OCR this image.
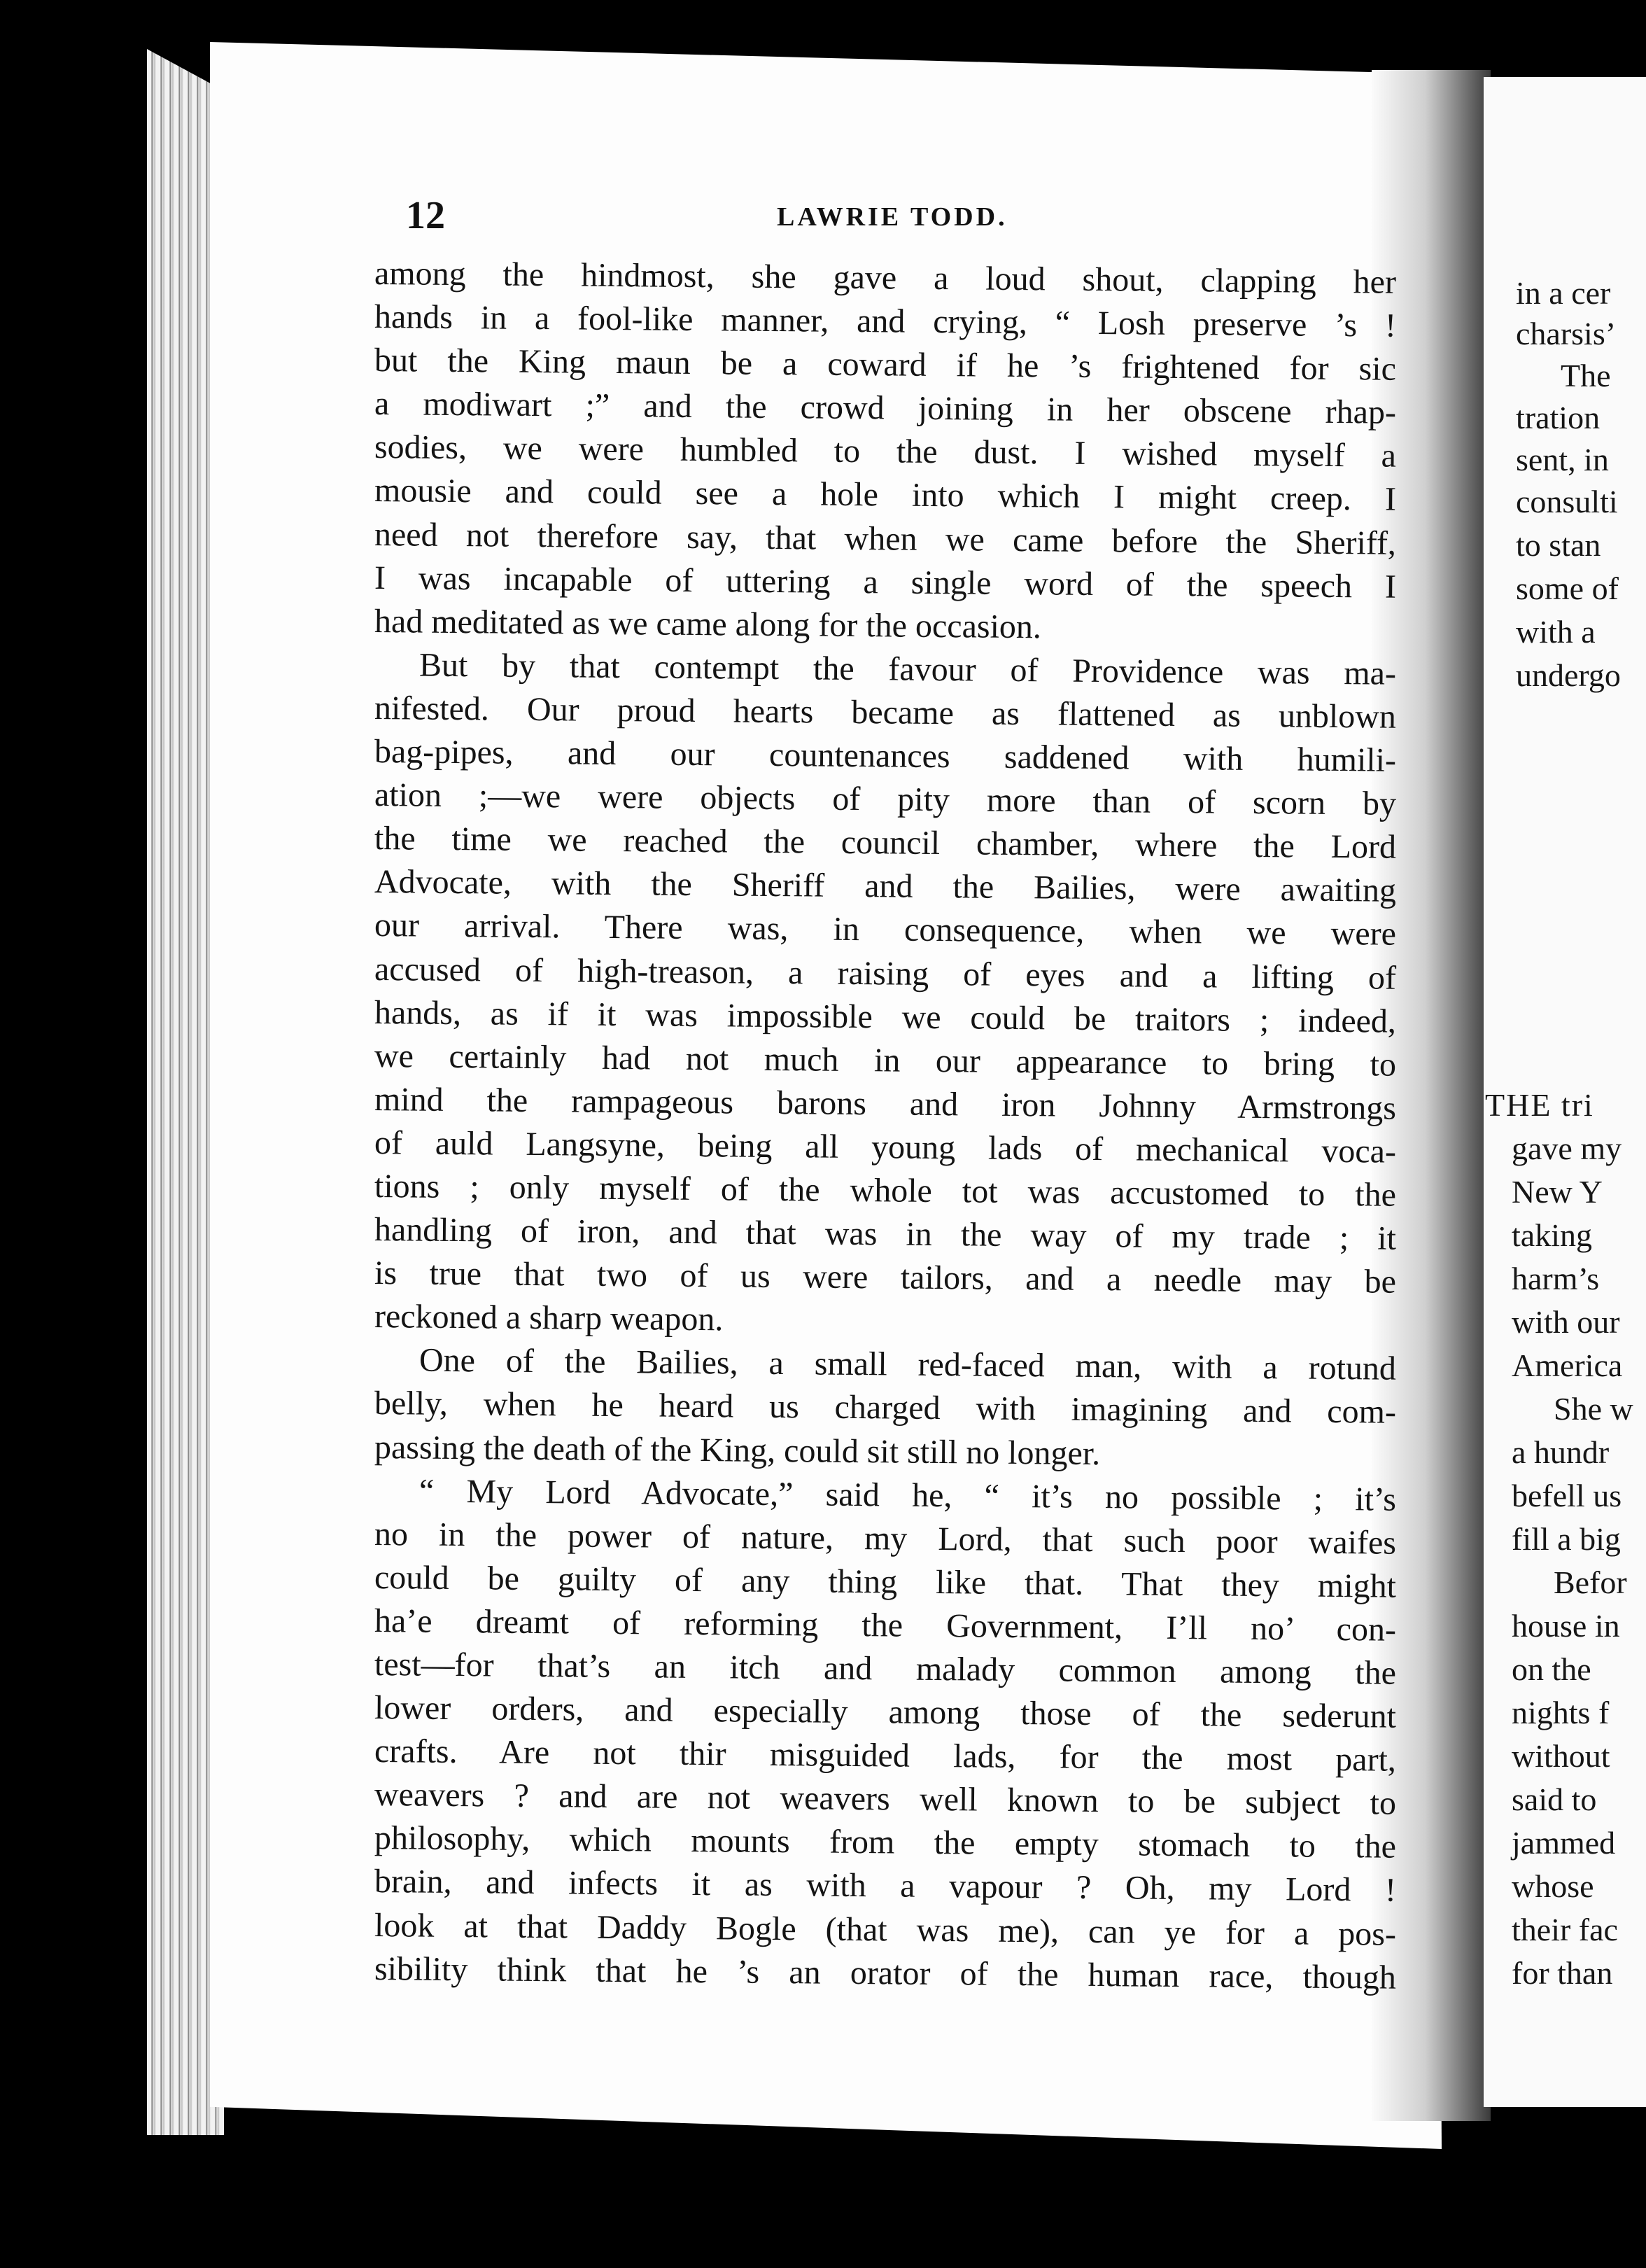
12	LAWRIE TODD.
among the hindmost, she gave a loud shout, clapping her
hands in a fool-like manner, and crying, “ Losh preserve ’s !
but the King maun be a coward if he ’s frightened for sic
a modiwart ;” and the crowd joining in her obscene rhap-
sodies, we were humbled to the dust. I wished myself a
mousie and could see a hole into which I might creep. I
need not therefore say, that when we came before the Sheriff,
I was incapable of uttering a single word of the speech I
had meditated as we came along for the occasion.
But by that contempt the favour of Providence was ma-
nifested. Our proud hearts became as flattened as unblown
bag-pipes, and our countenances saddened with humili-
ation ;—we were objects of pity more than of scorn by
the time we reached the council chamber, where the Lord
Advocate, with the Sheriff and the Bailies, were awaiting
our arrival. There was, in consequence, when we were
accused of high-treason, a raising of eyes and a lifting of
hands, as if it was impossible we could be traitors ; indeed,
we certainly had not much in our appearance to bring to
mind the rampageous barons and iron Johnny Armstrongs
of auld Langsyne, being all young lads of mechanical voca-
tions ; only myself of the whole tot was accustomed to the
handling of iron, and that was in the way of my trade ; it
is true that two of us were tailors, and a needle may be
reckoned a sharp weapon.
One of the Bailies, a small red-faced man, with a rotund
belly, when he heard us charged with imagining and com-
passing the death of the King, could sit still no longer.
“ My Lord Advocate,” said he, “ it’s no possible ; it’s
no in the power of nature, my Lord, that such poor waifes
could be guilty of any thing like that. That they might
ha’e dreamt of reforming the Government, I’ll no’ con-
test—for that’s an itch and malady common among the
lower orders, and especially among those of the sederunt
crafts. Are not thir misguided lads, for the most part,
weavers ? and are not weavers well known to be subject to
philosophy, which mounts from the empty stomach to the
brain, and infects it as with a vapour ? Oh, my Lord !
look at that Daddy Bogle (that was me), can ye for a pos-
sibility think that he ’s an orator of the human race, though
in a cer
charsis’
The
tration
sent, in
consulti
to stan
some of
with a
undergo
THE tri
gave my
New Y
taking
harm’s
with our
America
She w
a hundr
befell us
fill a big
Befor
house in
on the
nights f
without
said to
jammed
whose
their fac
for than
